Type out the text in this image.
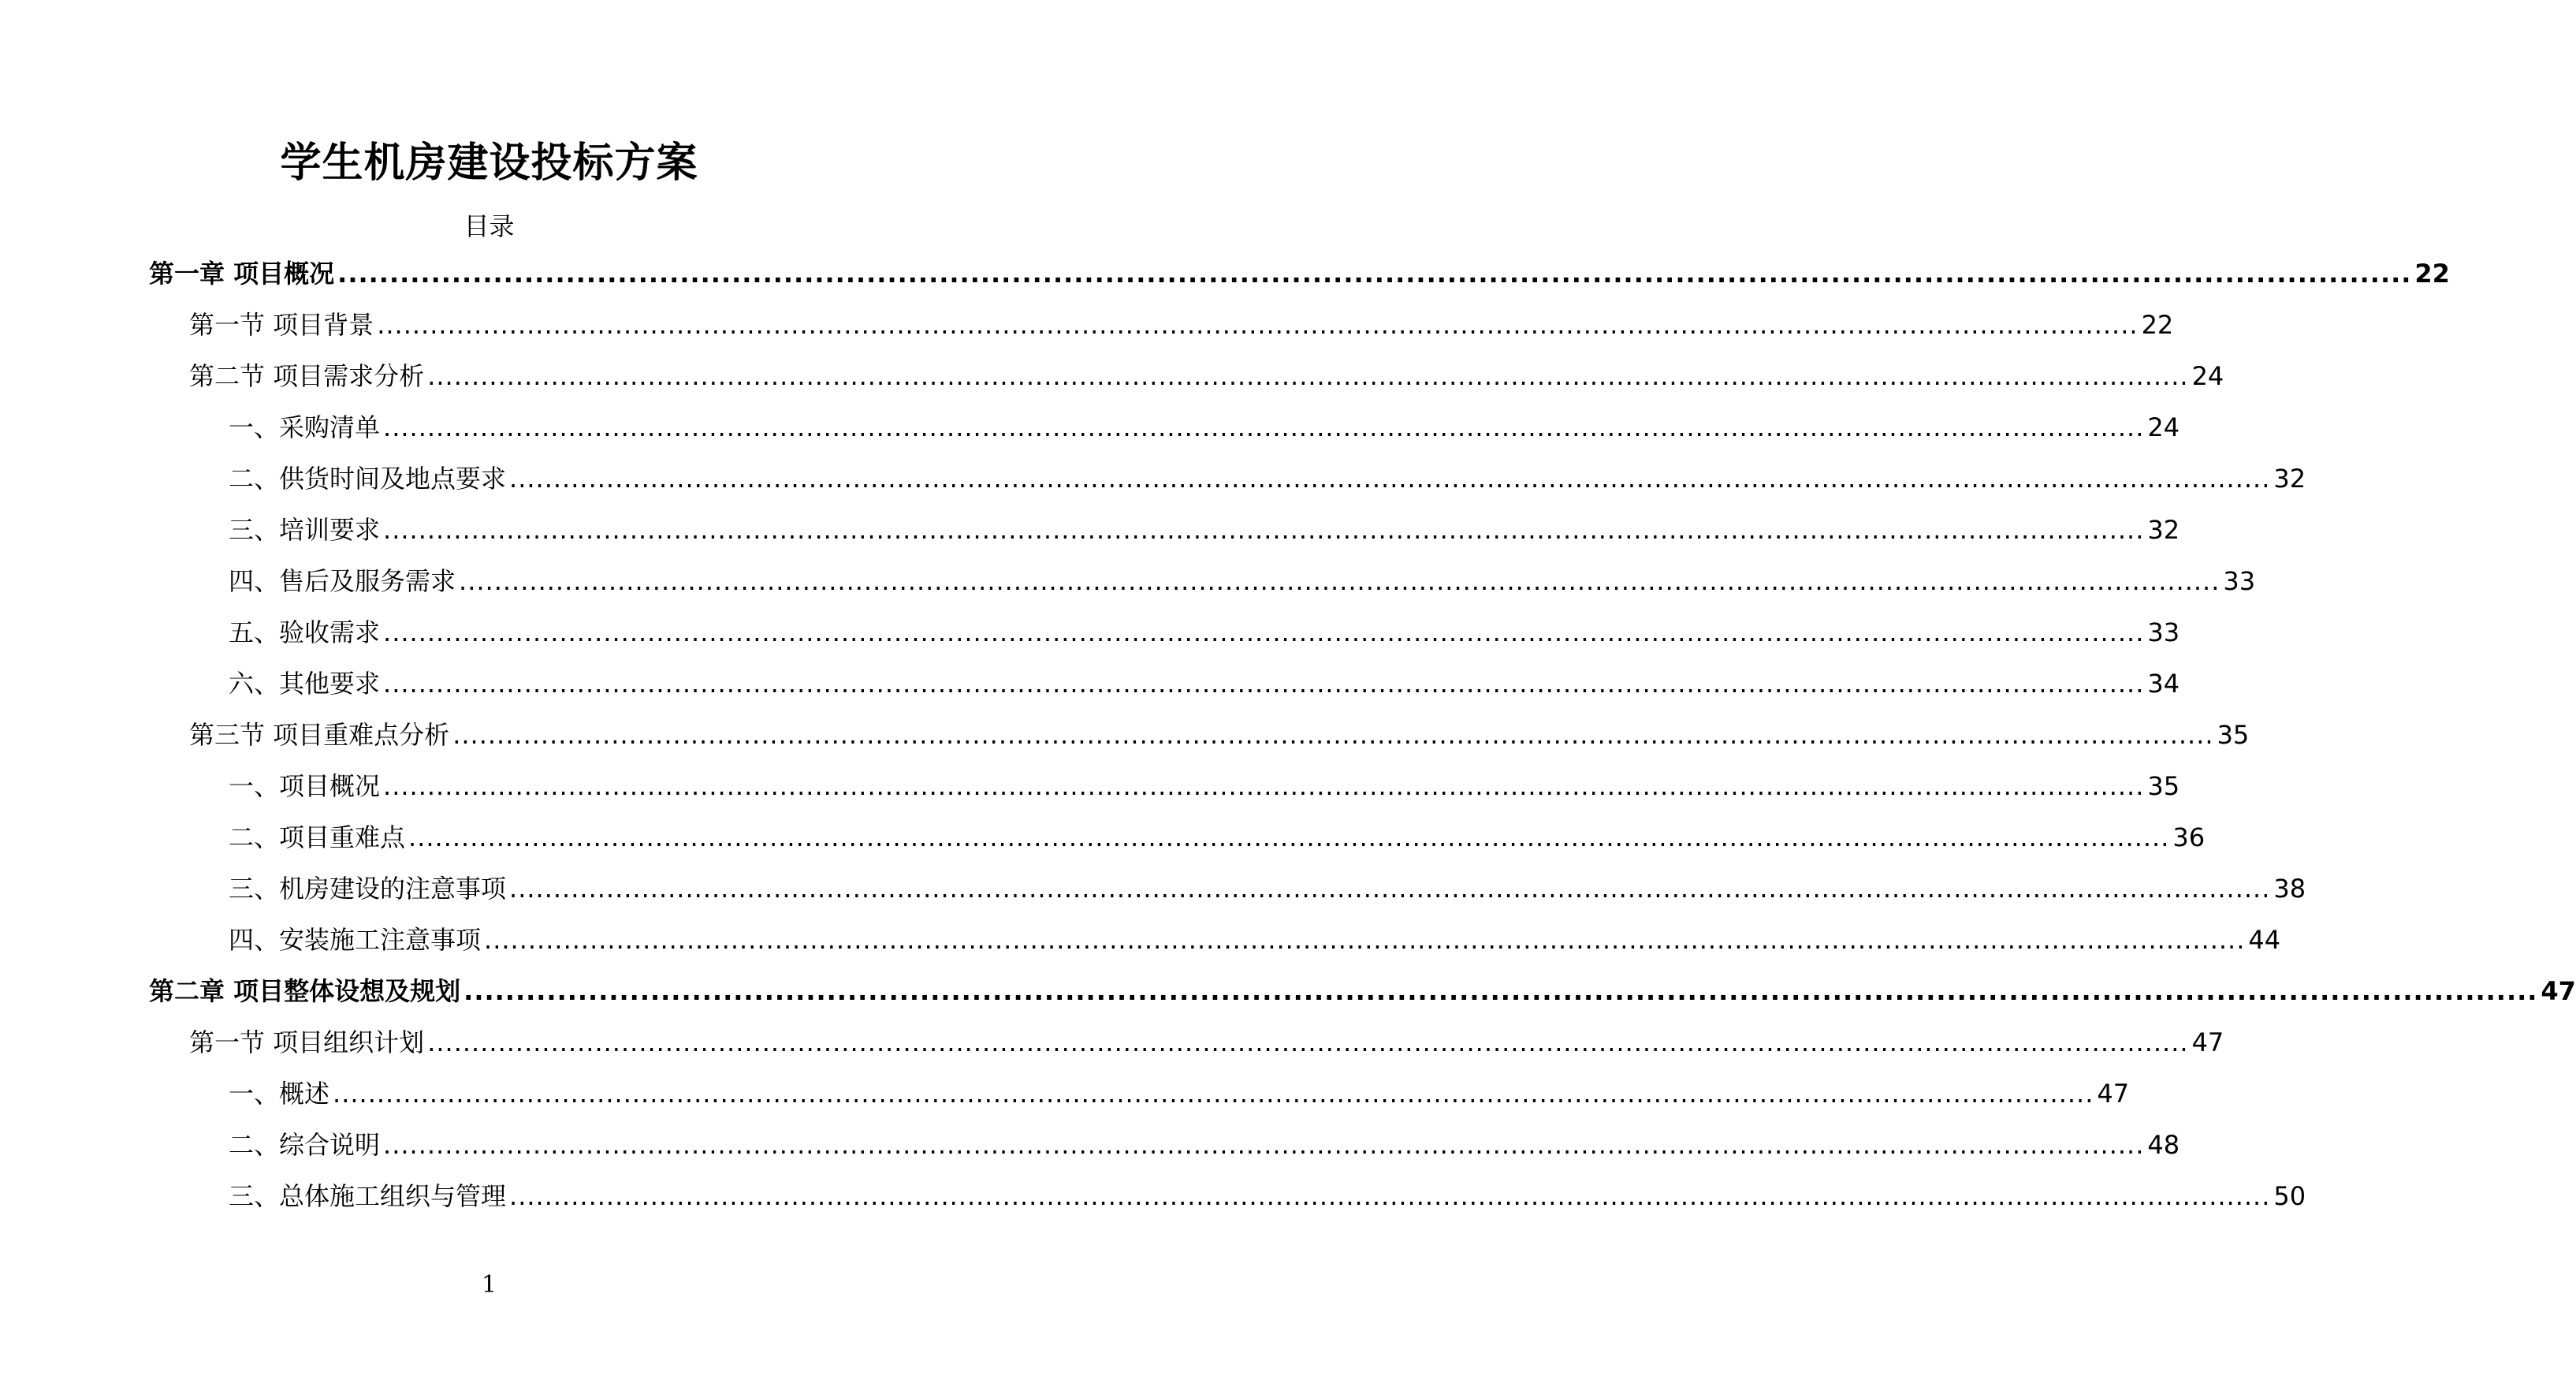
学生机房建设投标方案
目录
第一章 项目概况 ........................................................................................................................................................................................................ 22
第一节 项目背景 ........................................................................................................................................................................................................ 22
第二节 项目需求分析 ........................................................................................................................................................................................................ 24
一、采购清单 ........................................................................................................................................................................................................ 24
二、供货时间及地点要求 ........................................................................................................................................................................................................ 32
三、培训要求 ........................................................................................................................................................................................................ 32
四、售后及服务需求 ........................................................................................................................................................................................................ 33
五、验收需求 ........................................................................................................................................................................................................ 33
六、其他要求 ........................................................................................................................................................................................................ 34
第三节 项目重难点分析 ........................................................................................................................................................................................................ 35
一、项目概况 ........................................................................................................................................................................................................ 35
二、项目重难点 ........................................................................................................................................................................................................ 36
三、机房建设的注意事项 ........................................................................................................................................................................................................ 38
四、安装施工注意事项 ........................................................................................................................................................................................................ 44
第二章 项目整体设想及规划 ........................................................................................................................................................................................................ 47
第一节 项目组织计划 ........................................................................................................................................................................................................ 47
一、概述 ........................................................................................................................................................................................................ 47
二、综合说明 ........................................................................................................................................................................................................ 48
三、总体施工组织与管理 ........................................................................................................................................................................................................ 50
1
